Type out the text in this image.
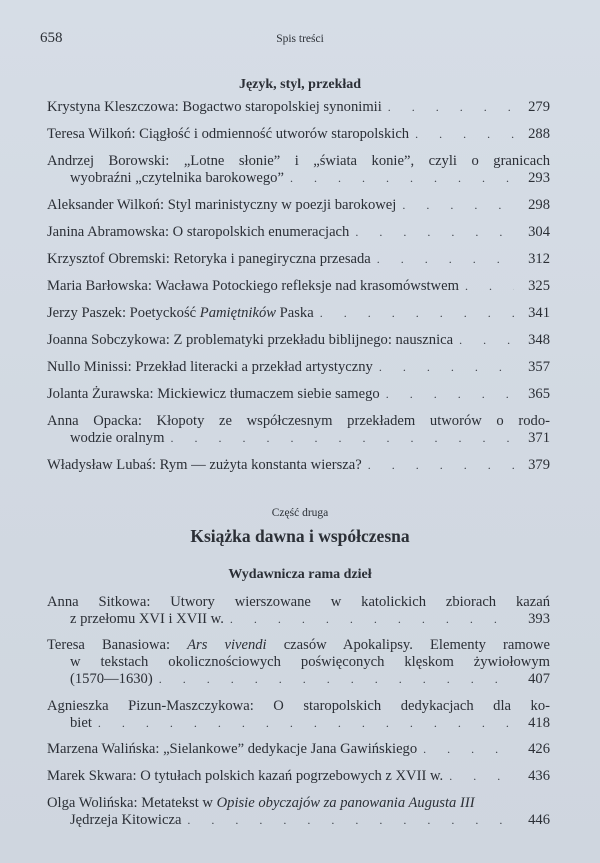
658	Spis treści
Język, styl, przekład
Krystyna Kleszczowa: Bogactwo staropolskiej synonimii . . .	279
Teresa Wilkoń: Ciągłość i odmienność utworów staropolskich . . .	288
Andrzej Borowski: „Lotne słonie” i „świata konie”, czyli o granicach
wyobraźni „czytelnika barokowego” . . .	293
Aleksander Wilkoń: Styl marinistyczny w poezji barokowej . . .	298
Janina Abramowska: O staropolskich enumeracjach . . .	304
Krzysztof Obremski: Retoryka i panegiryczna przesada . . .	312
Maria Barłowska: Wacława Potockiego refleksje nad krasomówstwem . . .	325
Jerzy Paszek: Poetyckość Pamiętników Paska . . .	341
Joanna Sobczykowa: Z problematyki przekładu biblijnego: nausznica . . .	348
Nullo Minissi: Przekład literacki a przekład artystyczny . . .	357
Jolanta Żurawska: Mickiewicz tłumaczem siebie samego . . .	365
Anna Opacka: Kłopoty ze współczesnym przekładem utworów o rodo-
wodzie oralnym . . .	371
Władysław Lubaś: Rym — zużyta konstanta wiersza? . . .	379
Część druga
Książka dawna i współczesna
Wydawnicza rama dzieł
Anna Sitkowa: Utwory wierszowane w katolickich zbiorach kazań
z przełomu XVI i XVII w. . . .	393
Teresa Banasiowa: Ars vivendi czasów Apokalipsy. Elementy ramowe
w tekstach okolicznościowych poświęconych klęskom żywiołowym
(1570—1630) . . .	407
Agnieszka Pizun-Maszczykowa: O staropolskich dedykacjach dla ko-
biet . . .	418
Marzena Walińska: „Sielankowe” dedykacje Jana Gawińskiego . . .	426
Marek Skwara: O tytułach polskich kazań pogrzebowych z XVII w. . . .	436
Olga Wolińska: Metatekst w Opisie obyczajów za panowania Augusta III
Jędrzeja Kitowicza . . .	446
